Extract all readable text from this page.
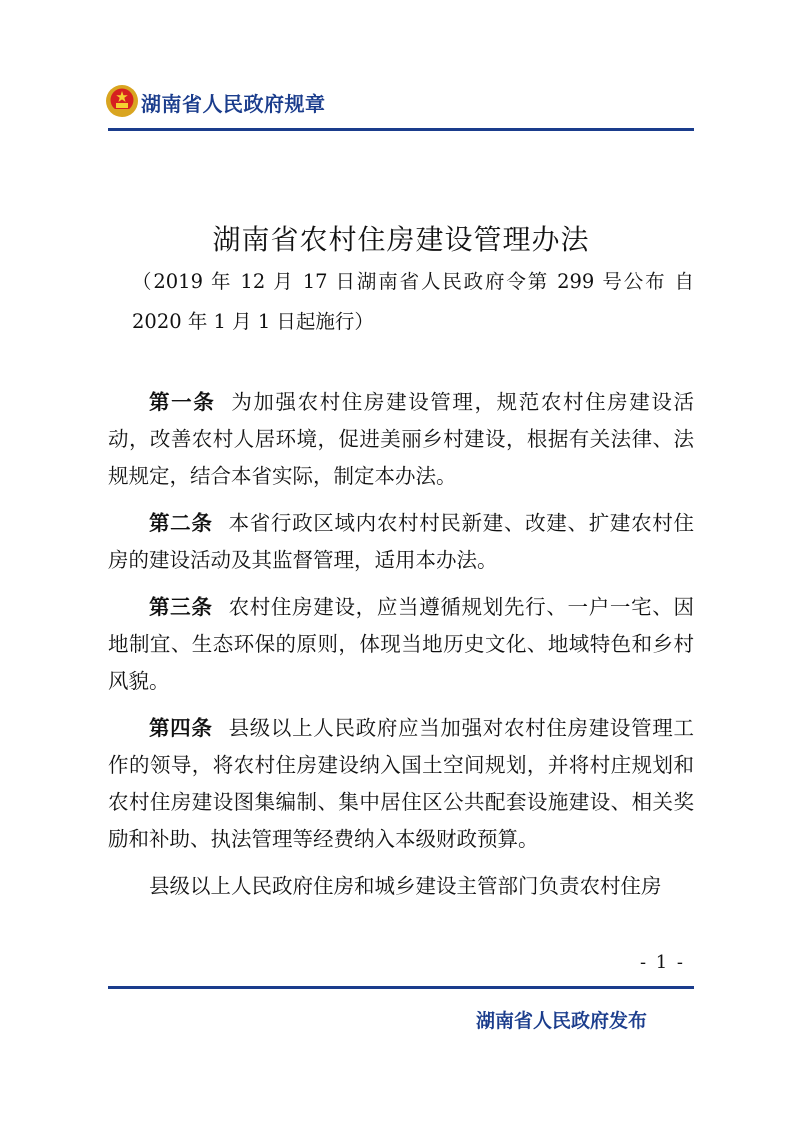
湖南省人民政府规章
湖南省农村住房建设管理办法
（2019 年 12 月 17 日湖南省人民政府令第 299 号公布 自 2020 年 1 月 1 日起施行）

第一条 为加强农村住房建设管理，规范农村住房建设活动，改善农村人居环境，促进美丽乡村建设，根据有关法律、法规规定，结合本省实际，制定本办法。

第二条 本省行政区域内农村村民新建、改建、扩建农村住房的建设活动及其监督管理，适用本办法。

第三条 农村住房建设，应当遵循规划先行、一户一宅、因地制宜、生态环保的原则，体现当地历史文化、地域特色和乡村风貌。

第四条 县级以上人民政府应当加强对农村住房建设管理工作的领导，将农村住房建设纳入国土空间规划，并将村庄规划和农村住房建设图集编制、集中居住区公共配套设施建设、相关奖励和补助、执法管理等经费纳入本级财政预算。

县级以上人民政府住房和城乡建设主管部门负责农村住房

- 1 -
湖南省人民政府发布
